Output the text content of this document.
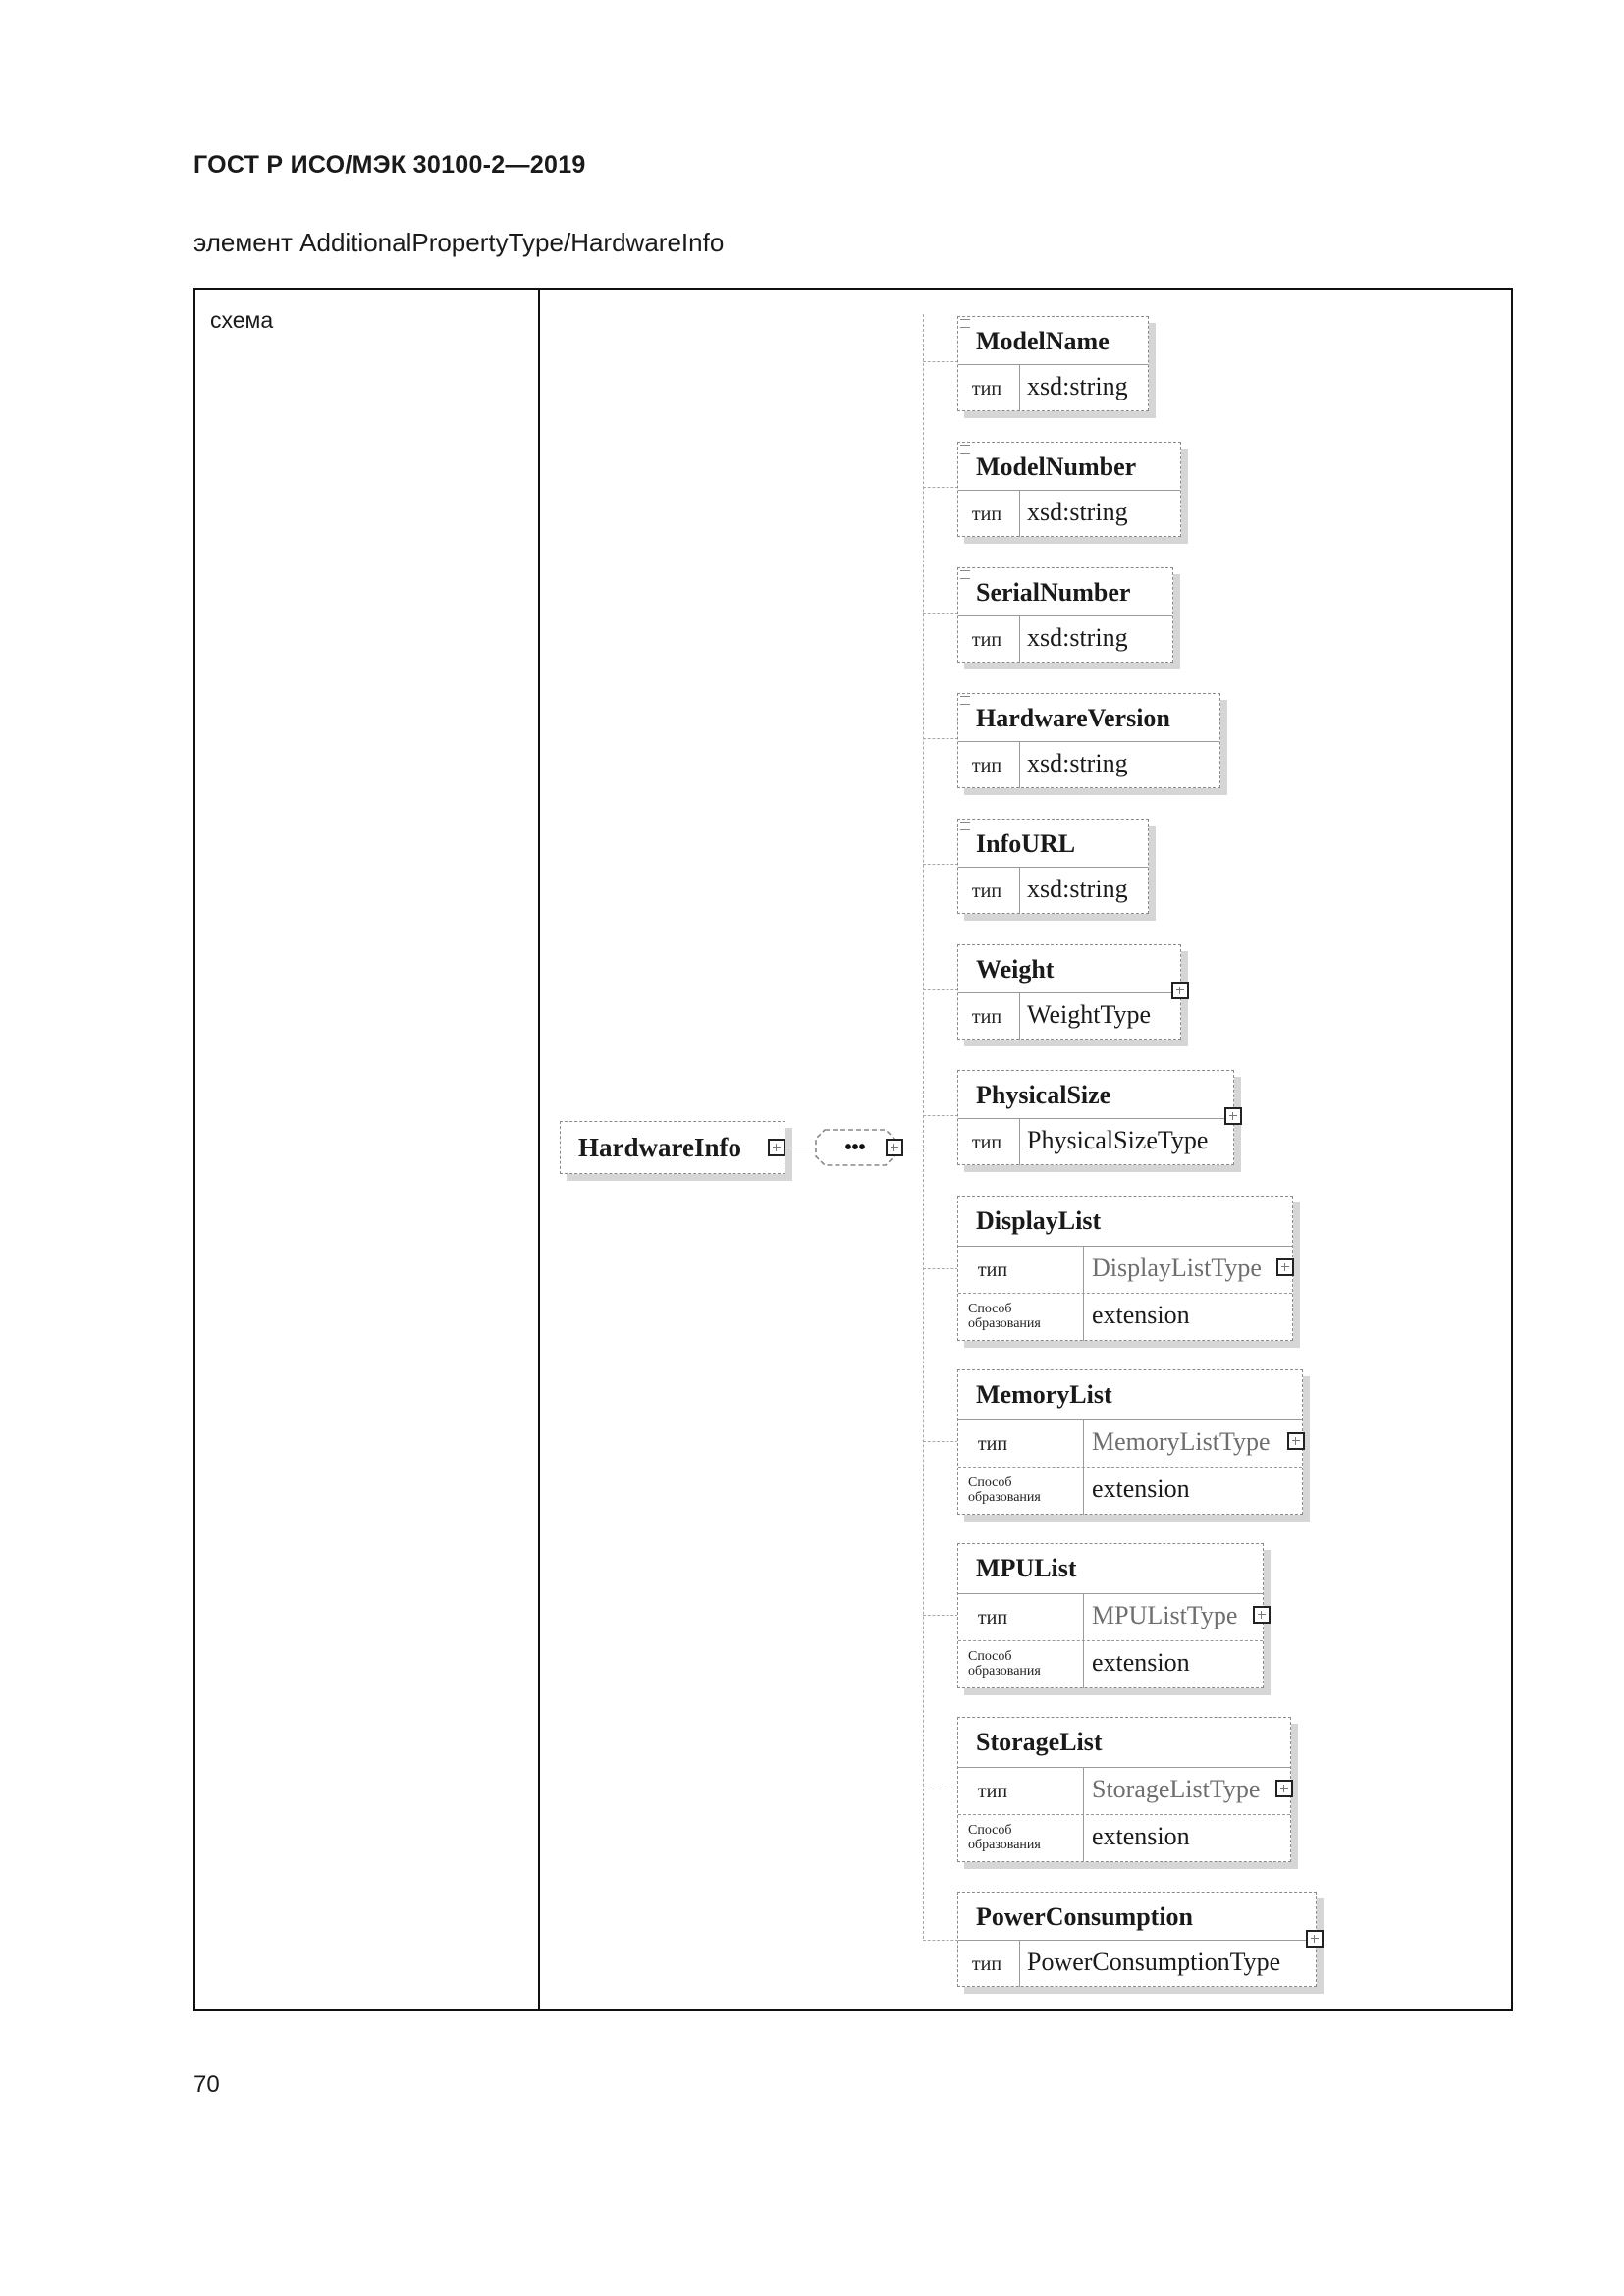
ГОСТ Р ИСО/МЭК 30100-2—2019
элемент AdditionalPropertyType/HardwareInfo
схема
HardwareInfo	•••
ModelName
тип xsd:string
ModelNumber
тип xsd:string
SerialNumber
тип xsd:string
HardwareVersion
тип xsd:string
InfoURL
тип xsd:string
Weight
тип WeightType
PhysicalSize
тип PhysicalSizeType
DisplayList
тип	DisplayListType
Способ образования	extension
MemoryList
тип	MemoryListType
Способ образования	extension
MPUList
тип	MPUListType
Способ образования	extension
StorageList
тип	StorageListType
Способ образования	extension
PowerConsumption
тип PowerConsumptionType
70
